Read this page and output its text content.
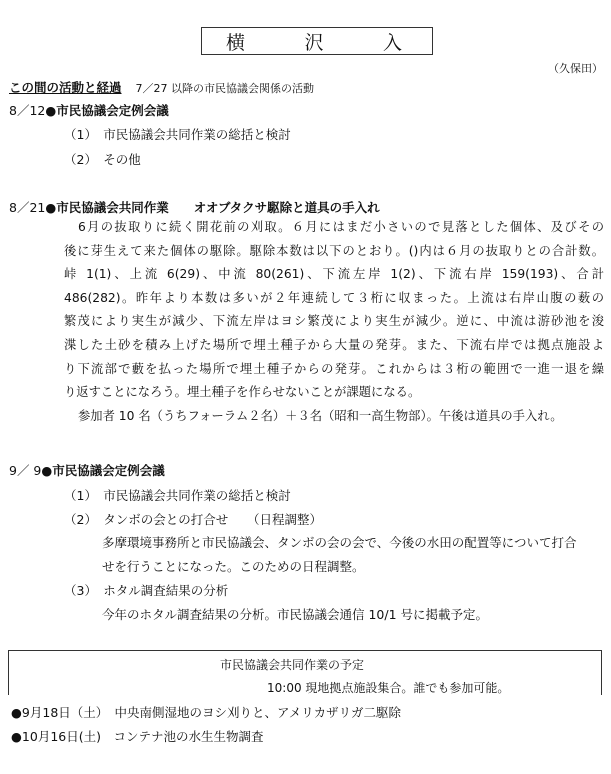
横	沢	入
（久保田）
この間の活動と経過 7／27 以降の市民協議会関係の活動
8／12●市民協議会定例会議
（1）　市民協議会共同作業の総括と検討
（2）　その他
8／21●市民協議会共同作業　　オオブタクサ駆除と道具の手入れ
6月の抜取りに続く開花前の刈取。６月にはまだ小さいので見落とした個体、及びその
後に芽生えて来た個体の駆除。駆除本数は以下のとおり。()内は６月の抜取りとの合計数。
峠 1(1)、上流 6(29)、中流 80(261)、下流左岸 1(2)、下流右岸 159(193)、合計
486(282)。昨年より本数は多いが２年連続して３桁に収まった。上流は右岸山腹の薮の
繁茂により実生が減少、下流左岸はヨシ繁茂により実生が減少。逆に、中流は游砂池を浚
渫した土砂を積み上げた場所で埋土種子から大量の発芽。また、下流右岸では拠点施設よ
り下流部で藪を払った場所で埋土種子からの発芽。これからは３桁の範囲で一進一退を繰
り返すことになろう。埋土種子を作らせないことが課題になる。
参加者 10 名（うちフォーラム２名）＋３名（昭和一高生物部）。午後は道具の手入れ。
9／ 9●市民協議会定例会議
（1）　市民協議会共同作業の総括と検討
（2）　タンボの会との打合せ　　（日程調整）
多摩環境事務所と市民協議会、タンボの会の会で、今後の水田の配置等について打合
せを行うことになった。このための日程調整。
（3）　ホタル調査結果の分析
今年のホタル調査結果の分析。市民協議会通信 10/1 号に掲載予定。
市民協議会共同作業の予定
10:00 現地拠点施設集合。誰でも参加可能。
●9月18日（土）　中央南側湿地のヨシ刈りと、アメリカザリガ二駆除
●10月16日(土)　コンテナ池の水生生物調査
